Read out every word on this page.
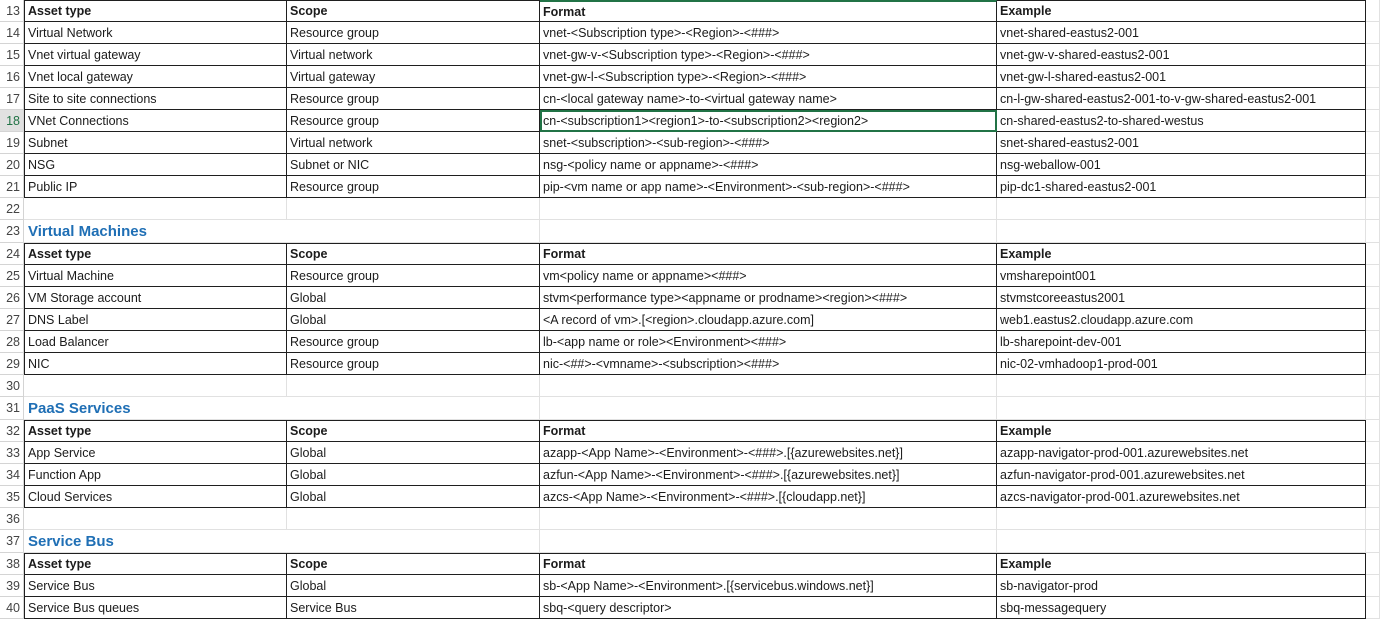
13 Asset type	Scope	Format	Example
14 Virtual Network	Resource group	vnet-<Subscription type>-<Region>-<###>	vnet-shared-eastus2-001
15 Vnet virtual gateway	Virtual network	vnet-gw-v-<Subscription type>-<Region>-<###>	vnet-gw-v-shared-eastus2-001
16 Vnet local gateway	Virtual gateway	vnet-gw-l-<Subscription type>-<Region>-<###>	vnet-gw-l-shared-eastus2-001
17 Site to site connections	Resource group	cn-<local gateway name>-to-<virtual gateway name>	cn-l-gw-shared-eastus2-001-to-v-gw-shared-eastus2-001
18 VNet Connections	Resource group	cn-<subscription1><region1>-to-<subscription2><region2>	cn-shared-eastus2-to-shared-westus
19 Subnet	Virtual network	snet-<subscription>-<sub-region>-<###>	snet-shared-eastus2-001
20 NSG	Subnet or NIC	nsg-<policy name or appname>-<###>	nsg-weballow-001
21 Public IP	Resource group	pip-<vm name or app name>-<Environment>-<sub-region>-<###>	pip-dc1-shared-eastus2-001
22
23 Virtual Machines
24 Asset type	Scope	Format	Example
25 Virtual Machine	Resource group	vm<policy name or appname><###>	vmsharepoint001
26 VM Storage account	Global	stvm<performance type><appname or prodname><region><###>	stvmstcoreeastus2001
27 DNS Label	Global	<A record of vm>.[<region>.cloudapp.azure.com]	web1.eastus2.cloudapp.azure.com
28 Load Balancer	Resource group	lb-<app name or role><Environment><###>	lb-sharepoint-dev-001
29 NIC	Resource group	nic-<##>-<vmname>-<subscription><###>	nic-02-vmhadoop1-prod-001
30
31 PaaS Services
32 Asset type	Scope	Format	Example
33 App Service	Global	azapp-<App Name>-<Environment>-<###>.[{azurewebsites.net}]	azapp-navigator-prod-001.azurewebsites.net
34 Function App	Global	azfun-<App Name>-<Environment>-<###>.[{azurewebsites.net}]	azfun-navigator-prod-001.azurewebsites.net
35 Cloud Services	Global	azcs-<App Name>-<Environment>-<###>.[{cloudapp.net}]	azcs-navigator-prod-001.azurewebsites.net
36
37 Service Bus
38 Asset type	Scope	Format	Example
39 Service Bus	Global	sb-<App Name>-<Environment>.[{servicebus.windows.net}]	sb-navigator-prod
40 Service Bus queues	Service Bus	sbq-<query descriptor>	sbq-messagequery
